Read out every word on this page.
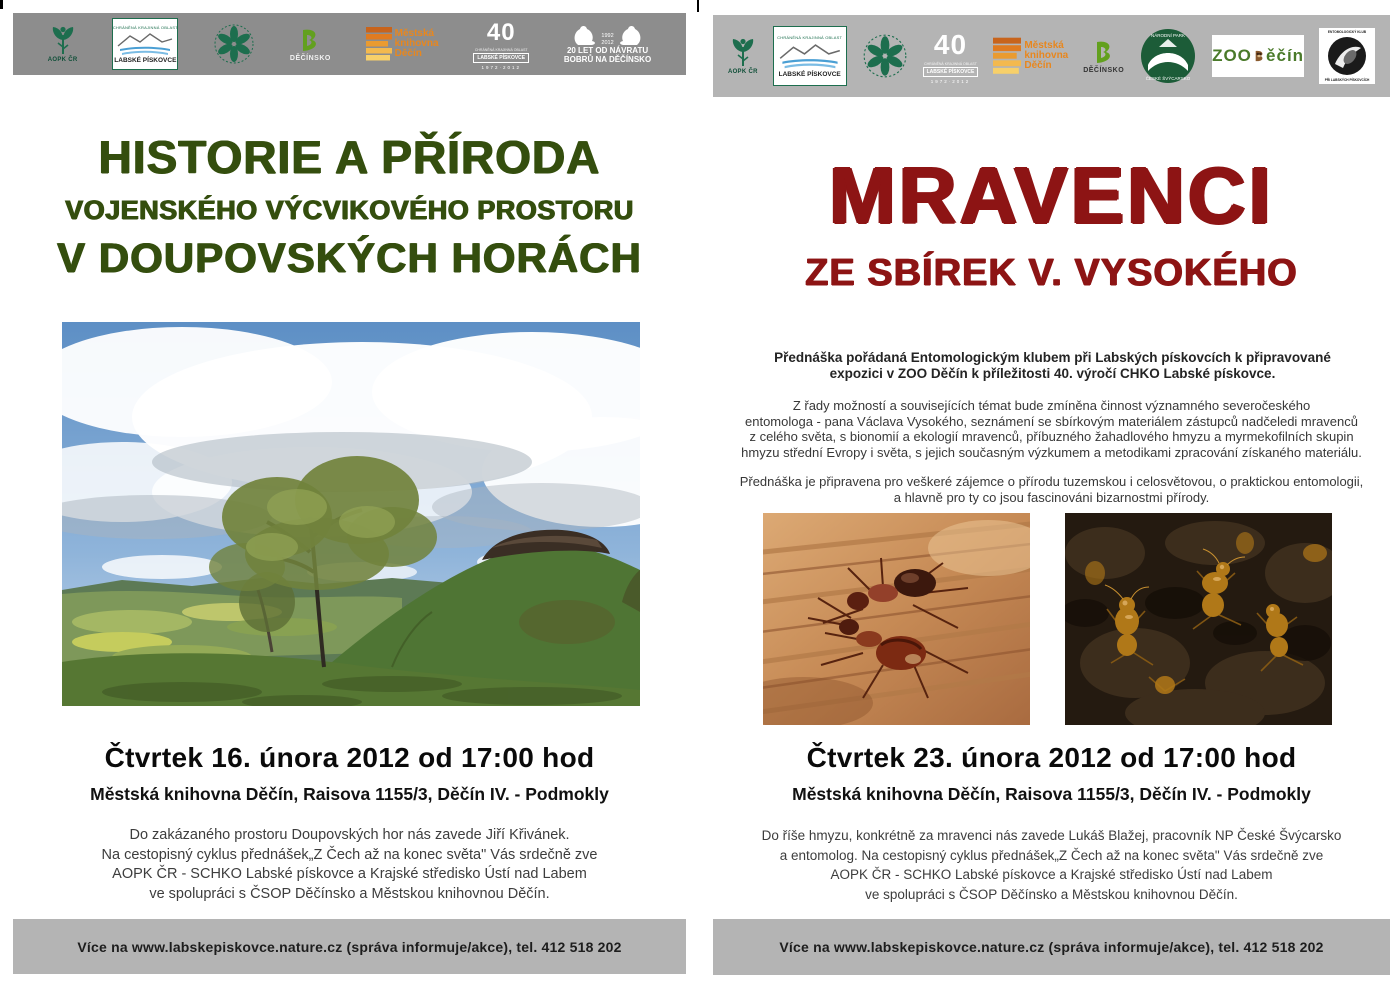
AOPK ČR
CHRÁNĚNÁ KRAJINNÁ OBLAST
LABSKÉ PÍSKOVCE	DĚČÍNSKO
Městská
knihovna
Děčín
40
CHRÁNĚNÁ KRAJINNÁ OBLAST
LABSKÉ PÍSKOVCE
1972·2012
1992
2012
20 LET OD NÁVRATU
BOBRŮ NA DĚČÍNSKO
HISTORIE A PŘÍRODA
VOJENSKÉHO VÝCVIKOVÉHO PROSTORU
V DOUPOVSKÝCH HORÁCH
Čtvrtek 16. února 2012 od 17:00 hod
Městská knihovna Děčín, Raisova 1155/3, Děčín IV. - Podmokly
Do zakázaného prostoru Doupovských hor nás zavede Jiří Křivánek.
Na cestopisný cyklus přednášek„Z Čech až na konec světa" Vás srdečně zve
AOPK ČR - SCHKO Labské pískovce a Krajské středisko Ústí nad Labem
ve spolupráci s ČSOP Děčínsko a Městskou knihovnou Děčín.
Více na www.labskepiskovce.nature.cz (správa informuje/akce), tel. 412 518 202
AOPK ČR
CHRÁNĚNÁ KRAJINNÁ OBLAST
LABSKÉ PÍSKOVCE
40
CHRÁNĚNÁ KRAJINNÁ OBLAST
LABSKÉ PÍSKOVCE
1972·2012
Městská
knihovna
Děčín	DĚČÍNSKO
NÁRODNÍ PARK
ČESKÉ ŠVÝCARSKO
ZOO ěčín
ENTOMOLOGICKÝ KLUB
PŘI LABSKÝCH PÍSKOVCÍCH
MRAVENCI
ZE SBÍREK V. VYSOKÉHO
Přednáška pořádaná Entomologickým klubem při Labských pískovcích k připravované
expozici v ZOO Děčín k příležitosti 40. výročí CHKO Labské pískovce.
Z řady možností a souvisejících témat bude zmíněna činnost významného severočeského
entomologa - pana Václava Vysokého, seznámení se sbírkovým materiálem zástupců nadčeledi mravenců
z celého světa, s bionomií a ekologií mravenců, příbuzného žahadlového hmyzu a myrmekofilních skupin
hmyzu střední Evropy i světa, s jejich současným výzkumem a metodikami zpracování získaného materiálu.
Přednáška je připravena pro veškeré zájemce o přírodu tuzemskou i celosvětovou, o praktickou entomologii,
a hlavně pro ty co jsou fascinováni bizarnostmi přírody.
Čtvrtek 23. února 2012 od 17:00 hod
Městská knihovna Děčín, Raisova 1155/3, Děčín IV. - Podmokly
Do říše hmyzu, konkrétně za mravenci nás zavede Lukáš Blažej, pracovník NP České Švýcarsko
a entomolog. Na cestopisný cyklus přednášek„Z Čech až na konec světa" Vás srdečně zve
AOPK ČR - SCHKO Labské pískovce a Krajské středisko Ústí nad Labem
ve spolupráci s ČSOP Děčínsko a Městskou knihovnou Děčín.
Více na www.labskepiskovce.nature.cz (správa informuje/akce), tel. 412 518 202
